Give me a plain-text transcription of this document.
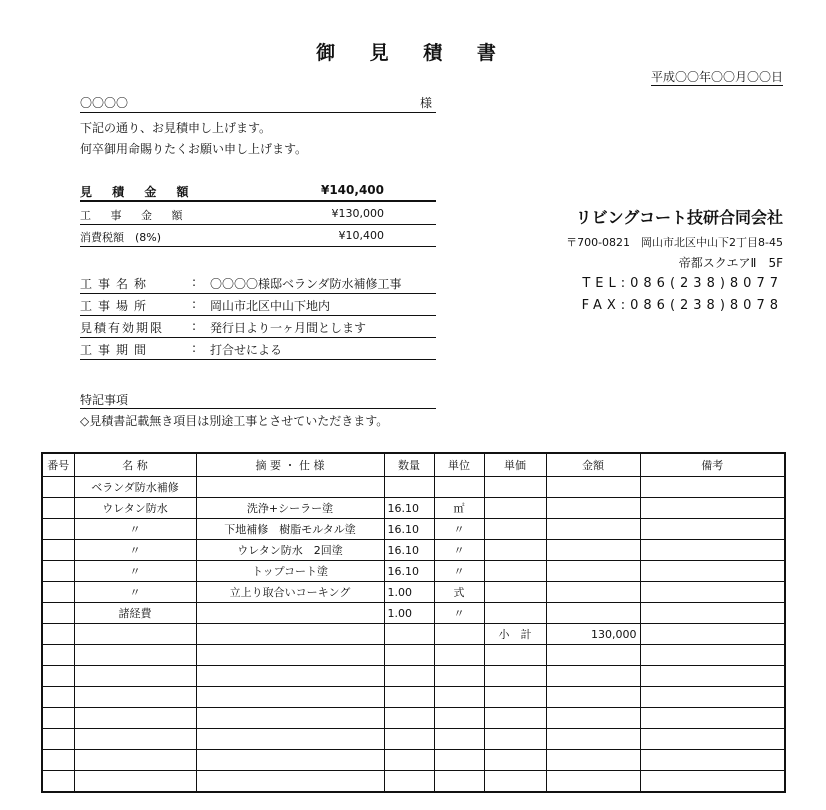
御 見 積 書
平成〇〇年〇〇月〇〇日
〇〇〇〇	様
下記の通り、お見積申し上げます。
何卒御用命賜りたくお願い申し上げます。
見 積 金 額	¥140,400
工 事 金 額	¥130,000
消費税額　(8%)	¥10,400
工事名称	:	〇〇〇〇様邸ベランダ防水補修工事
工事場所	:	岡山市北区中山下地内
見積有効期限	:	発行日より一ヶ月間とします
工事期間	:	打合せによる
リビングコート技研合同会社
〒700-0821　岡山市北区中山下2丁目8-45
帝都スクエアⅡ　5F
TEL:086(238)8077
FAX:086(238)8078
特記事項
◇見積書記載無き項目は別途工事とさせていただきます。
番号	名 称	摘 要 ・ 仕 様	数量	単位	単価	金額	備考
	ベランダ防水補修						
	ウレタン防水	洗浄+シーラー塗	16.10	㎡			
	〃	下地補修　樹脂モルタル塗	16.10	〃			
	〃	ウレタン防水　2回塗	16.10	〃			
	〃	トップコート塗	16.10	〃			
	〃	立上り取合いコーキング	1.00	式			
	諸経費		1.00	〃			
					小　計	130,000	
